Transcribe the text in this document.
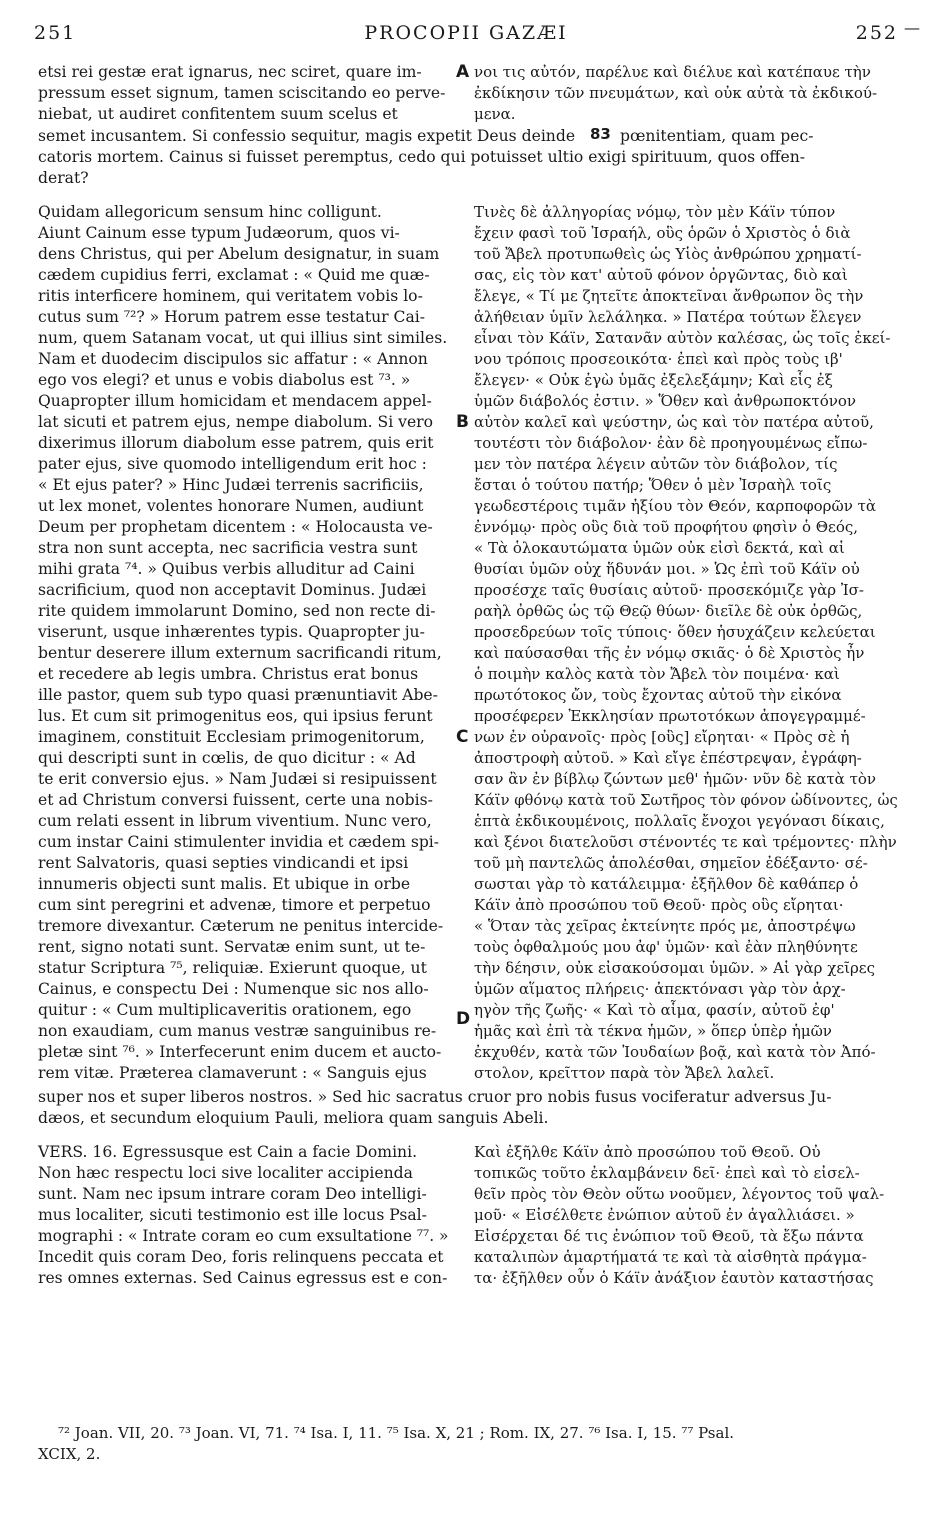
251	PROCOPII GAZÆI	252 —
etsi rei gestæ erat ignarus, nec sciret, quare im-
pressum esset signum, tamen sciscitando eo perve-
niebat, ut audiret confitentem suum scelus et
A νοι τις αὐτόν, παρέλυε καὶ διέλυε καὶ κατέπαυε τὴν
ἐκδίκησιν τῶν πνευμάτων, καὶ οὐκ αὐτὰ τὰ ἐκδικού-
μενα.
semet incusantem. Si confessio sequitur, magis expetit Deus deinde 83 pœnitentiam, quam pec-
catoris mortem. Cainus si fuisset peremptus, cedo qui potuisset ultio exigi spirituum, quos offen-
derat?
Quidam allegoricum sensum hinc colligunt.
Aiunt Cainum esse typum Judæorum, quos vi-
dens Christus, qui per Abelum designatur, in suam
cædem cupidius ferri, exclamat : « Quid me quæ-
ritis interficere hominem, qui veritatem vobis lo-
cutus sum ⁷²? » Horum patrem esse testatur Cai-
num, quem Satanam vocat, ut qui illius sint similes.
Nam et duodecim discipulos sic affatur : « Annon
ego vos elegi? et unus e vobis diabolus est ⁷³. »
Quapropter illum homicidam et mendacem appel-
lat sicuti et patrem ejus, nempe diabolum. Si vero
dixerimus illorum diabolum esse patrem, quis erit
pater ejus, sive quomodo intelligendum erit hoc :
« Et ejus pater? » Hinc Judæi terrenis sacrificiis,
ut lex monet, volentes honorare Numen, audiunt
Deum per prophetam dicentem : « Holocausta ve-
stra non sunt accepta, nec sacrificia vestra sunt
mihi grata ⁷⁴. » Quibus verbis alluditur ad Caini
sacrificium, quod non acceptavit Dominus. Judæi
rite quidem immolarunt Domino, sed non recte di-
viserunt, usque inhærentes typis. Quapropter ju-
bentur deserere illum externum sacrificandi ritum,
et recedere ab legis umbra. Christus erat bonus
ille pastor, quem sub typo quasi prænuntiavit Abe-
lus. Et cum sit primogenitus eos, qui ipsius ferunt
imaginem, constituit Ecclesiam primogenitorum,
qui descripti sunt in cœlis, de quo dicitur : « Ad
te erit conversio ejus. » Nam Judæi si resipuissent
et ad Christum conversi fuissent, certe una nobis-
cum relati essent in librum viventium. Nunc vero,
cum instar Caini stimulenter invidia et cædem spi-
rent Salvatoris, quasi septies vindicandi et ipsi
innumeris objecti sunt malis. Et ubique in orbe
cum sint peregrini et advenæ, timore et perpetuo
tremore divexantur. Cæterum ne penitus intercide-
rent, signo notati sunt. Servatæ enim sunt, ut te-
statur Scriptura ⁷⁵, reliquiæ. Exierunt quoque, ut
Cainus, e conspectu Dei : Numenque sic nos allo-
quitur : « Cum multiplicaveritis orationem, ego
non exaudiam, cum manus vestræ sanguinibus re-
pletæ sint ⁷⁶. » Interfecerunt enim ducem et aucto-
rem vitæ. Præterea clamaverunt : « Sanguis ejus
B
C
D
Τινὲς δὲ ἀλληγορίας νόμῳ, τὸν μὲν Κάϊν τύπον
ἔχειν φασὶ τοῦ Ἰσραήλ, οὓς ὁρῶν ὁ Χριστὸς ὁ διὰ
τοῦ Ἄβελ προτυπωθεὶς ὡς Υἱὸς ἀνθρώπου χρηματί-
σας, εἰς τὸν κατ' αὐτοῦ φόνον ὀργῶντας, διὸ καὶ
ἔλεγε, « Τί με ζητεῖτε ἀποκτεῖναι ἄνθρωπον ὃς τὴν
ἀλήθειαν ὑμῖν λελάληκα. » Πατέρα τούτων ἔλεγεν
εἶναι τὸν Κάϊν, Σατανᾶν αὐτὸν καλέσας, ὡς τοῖς ἐκεί-
νου τρόποις προσεοικότα· ἐπεὶ καὶ πρὸς τοὺς ιβ'
ἔλεγεν· « Οὐκ ἐγὼ ὑμᾶς ἐξελεξάμην; Καὶ εἷς ἐξ
ὑμῶν διάβολός ἐστιν. » Ὅθεν καὶ ἀνθρωποκτόνον
αὐτὸν καλεῖ καὶ ψεύστην, ὡς καὶ τὸν πατέρα αὐτοῦ,
τουτέστι τὸν διάβολον· ἐὰν δὲ προηγουμένως εἴπω-
μεν τὸν πατέρα λέγειν αὐτῶν τὸν διάβολον, τίς
ἔσται ὁ τούτου πατήρ; Ὅθεν ὁ μὲν Ἰσραὴλ τοῖς
γεωδεστέροις τιμᾶν ἠξίου τὸν Θεόν, καρποφορῶν τὰ
ἐννόμῳ· πρὸς οὓς διὰ τοῦ προφήτου φησὶν ὁ Θεός,
« Τὰ ὁλοκαυτώματα ὑμῶν οὐκ εἰσὶ δεκτά, καὶ αἱ
θυσίαι ὑμῶν οὐχ ἥδυνάν μοι. » Ὡς ἐπὶ τοῦ Κάϊν οὐ
προσέσχε ταῖς θυσίαις αὐτοῦ· προσεκόμιζε γὰρ Ἰσ-
ραὴλ ὀρθῶς ὡς τῷ Θεῷ θύων· διεῖλε δὲ οὐκ ὀρθῶς,
προσεδρεύων τοῖς τύποις· ὅθεν ἡσυχάζειν κελεύεται
καὶ παύσασθαι τῆς ἐν νόμῳ σκιᾶς· ὁ δὲ Χριστὸς ἦν
ὁ ποιμὴν καλὸς κατὰ τὸν Ἄβελ τὸν ποιμένα· καὶ
πρωτότοκος ὤν, τοὺς ἔχοντας αὐτοῦ τὴν εἰκόνα
προσέφερεν Ἐκκλησίαν πρωτοτόκων ἀπογεγραμμέ-
νων ἐν οὐρανοῖς· πρὸς [οὓς] εἴρηται· « Πρὸς σὲ ἡ
ἀποστροφὴ αὐτοῦ. » Καὶ εἴγε ἐπέστρεψαν, ἐγράφη-
σαν ἂν ἐν βίβλῳ ζώντων μεθ' ἡμῶν· νῦν δὲ κατὰ τὸν
Κάϊν φθόνῳ κατὰ τοῦ Σωτῆρος τὸν φόνον ὠδίνοντες, ὡς
ἑπτὰ ἐκδικουμένοις, πολλαῖς ἔνοχοι γεγόνασι δίκαις,
καὶ ξένοι διατελοῦσι στένοντές τε καὶ τρέμοντες· πλὴν
τοῦ μὴ παντελῶς ἀπολέσθαι, σημεῖον ἐδέξαντο· σέ-
σωσται γὰρ τὸ κατάλειμμα· ἐξῆλθον δὲ καθάπερ ὁ
Κάϊν ἀπὸ προσώπου τοῦ Θεοῦ· πρὸς οὓς εἴρηται·
« Ὅταν τὰς χεῖρας ἐκτείνητε πρός με, ἀποστρέψω
τοὺς ὀφθαλμούς μου ἀφ' ὑμῶν· καὶ ἐὰν πληθύνητε
τὴν δέησιν, οὐκ εἰσακούσομαι ὑμῶν. » Αἱ γὰρ χεῖρες
ὑμῶν αἵματος πλήρεις· ἀπεκτόνασι γὰρ τὸν ἀρχ-
ηγὸν τῆς ζωῆς· « Καὶ τὸ αἷμα, φασίν, αὐτοῦ ἐφ'
ἡμᾶς καὶ ἐπὶ τὰ τέκνα ἡμῶν, » ὅπερ ὑπὲρ ἡμῶν
ἐκχυθέν, κατὰ τῶν Ἰουδαίων βοᾷ, καὶ κατὰ τὸν Ἀπό-
στολον, κρεῖττον παρὰ τὸν Ἄβελ λαλεῖ.
super nos et super liberos nostros. » Sed hic sacratus cruor pro nobis fusus vociferatur adversus Ju-
dæos, et secundum eloquium Pauli, meliora quam sanguis Abeli.
VERS. 16. Egressusque est Cain a facie Domini.
Non hæc respectu loci sive localiter accipienda
sunt. Nam nec ipsum intrare coram Deo intelligi-
mus localiter, sicuti testimonio est ille locus Psal-
mographi : « Intrate coram eo cum exsultatione ⁷⁷. »
Incedit quis coram Deo, foris relinquens peccata et
res omnes externas. Sed Cainus egressus est e con-
Καὶ ἐξῆλθε Κάϊν ἀπὸ προσώπου τοῦ Θεοῦ. Οὐ
τοπικῶς τοῦτο ἐκλαμβάνειν δεῖ· ἐπεὶ καὶ τὸ εἰσελ-
θεῖν πρὸς τὸν Θεὸν οὕτω νοοῦμεν, λέγοντος τοῦ ψαλ-
μοῦ· « Εἰσέλθετε ἐνώπιον αὐτοῦ ἐν ἀγαλλιάσει. »
Εἰσέρχεται δέ τις ἐνώπιον τοῦ Θεοῦ, τὰ ἔξω πάντα
καταλιπὼν ἁμαρτήματά τε καὶ τὰ αἰσθητὰ πράγμα-
τα· ἐξῆλθεν οὖν ὁ Κάϊν ἀνάξιον ἑαυτὸν καταστήσας
⁷² Joan. VII, 20. ⁷³ Joan. VI, 71. ⁷⁴ Isa. I, 11. ⁷⁵ Isa. X, 21 ; Rom. IX, 27. ⁷⁶ Isa. I, 15. ⁷⁷ Psal.
XCIX, 2.
